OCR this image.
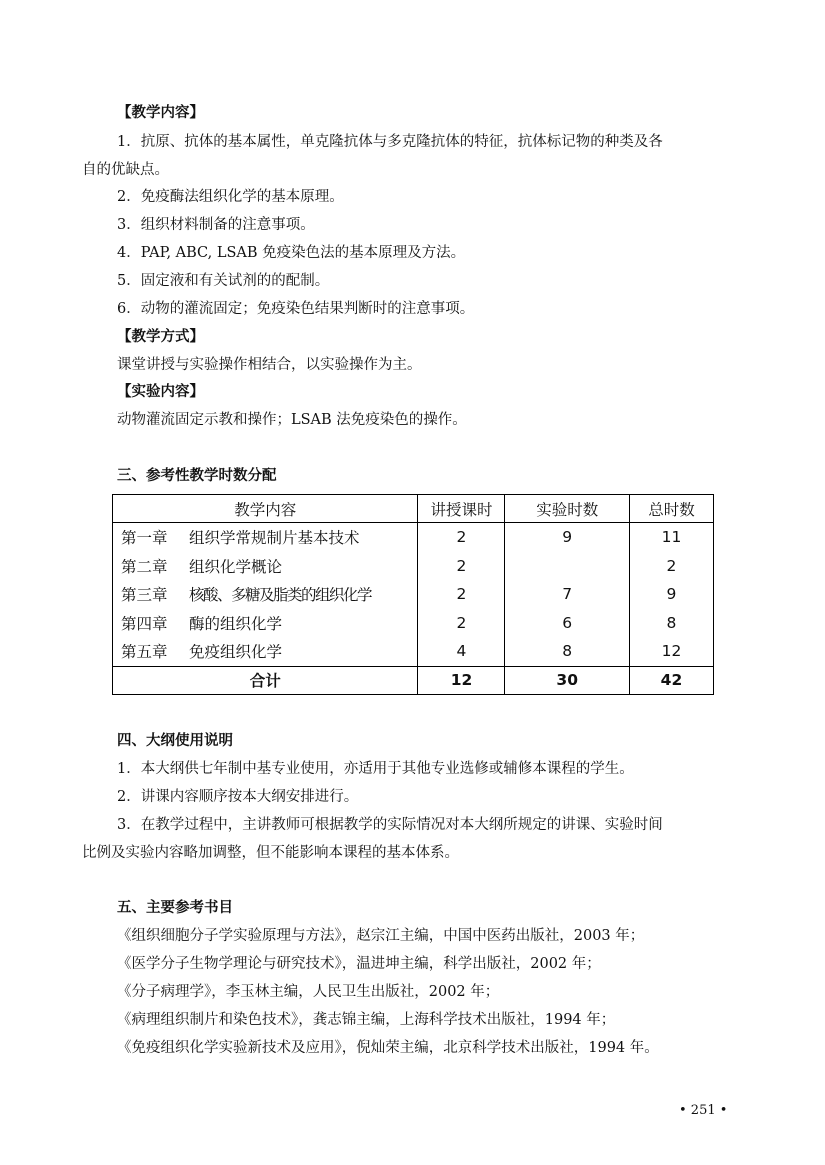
【教学内容】
1．抗原、抗体的基本属性，单克隆抗体与多克隆抗体的特征，抗体标记物的种类及各
自的优缺点。
2．免疫酶法组织化学的基本原理。
3．组织材料制备的注意事项。
4．PAP, ABC, LSAB 免疫染色法的基本原理及方法。
5．固定液和有关试剂的的配制。
6．动物的灌流固定；免疫染色结果判断时的注意事项。
【教学方式】
课堂讲授与实验操作相结合，以实验操作为主。
【实验内容】
动物灌流固定示教和操作；LSAB 法免疫染色的操作。
三、参考性教学时数分配
教学内容	讲授课时	实验时数	总时数
第一章 组织学常规制片基本技术	2	9	11
第二章 组织化学概论	2		2
第三章 核酸、多糖及脂类的组织化学	2	7	9
第四章 酶的组织化学	2	6	8
第五章 免疫组织化学	4	8	12
合计	12	30	42
四、大纲使用说明
1．本大纲供七年制中基专业使用，亦适用于其他专业选修或辅修本课程的学生。
2．讲课内容顺序按本大纲安排进行。
3．在教学过程中，主讲教师可根据教学的实际情况对本大纲所规定的讲课、实验时间
比例及实验内容略加调整，但不能影响本课程的基本体系。
五、主要参考书目
《组织细胞分子学实验原理与方法》，赵宗江主编，中国中医药出版社，2003 年；
《医学分子生物学理论与研究技术》，温进坤主编，科学出版社，2002 年；
《分子病理学》，李玉林主编，人民卫生出版社，2002 年；
《病理组织制片和染色技术》，龚志锦主编，上海科学技术出版社，1994 年；
《免疫组织化学实验新技术及应用》，倪灿荣主编，北京科学技术出版社，1994 年。
• 251 •
